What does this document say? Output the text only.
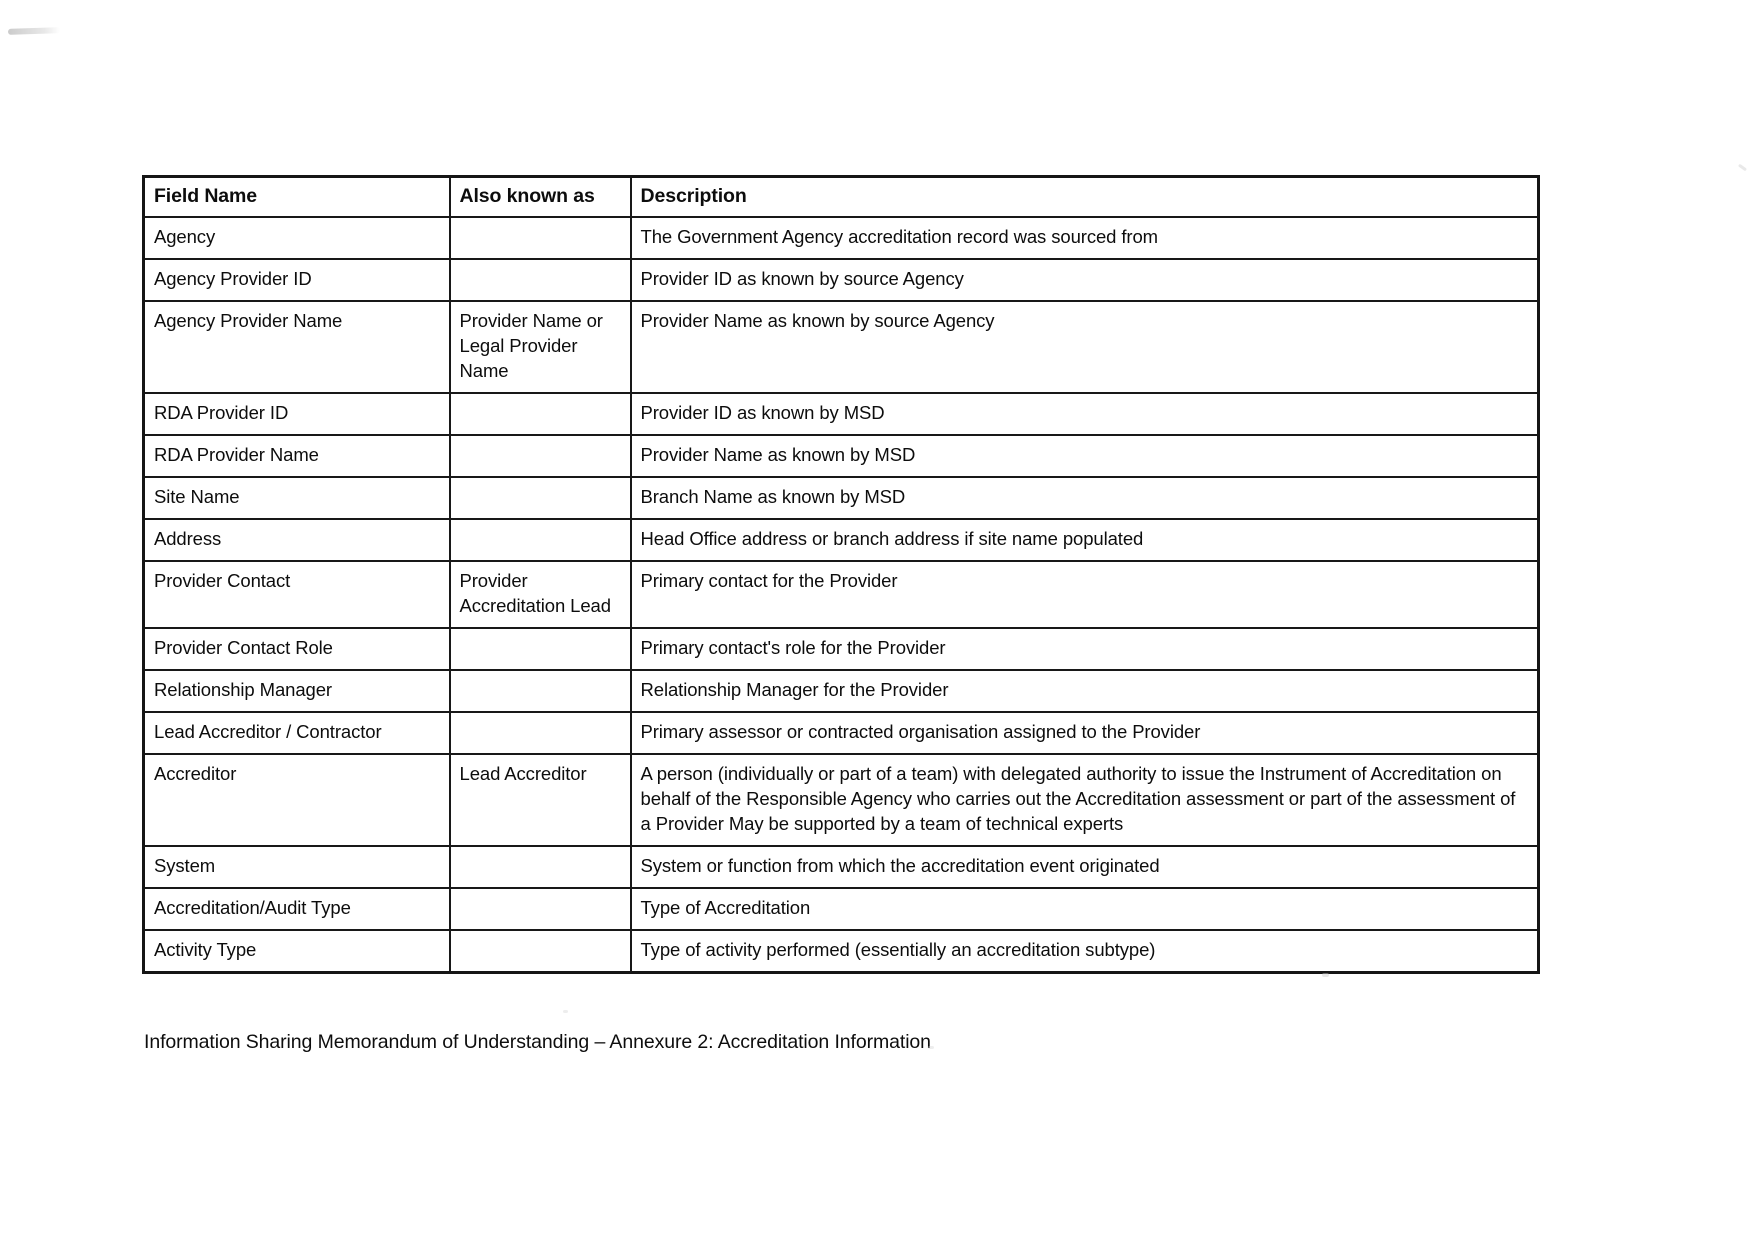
Field Name	Also known as	Description
Agency		The Government Agency accreditation record was sourced from
Agency Provider ID		Provider ID as known by source Agency
Agency Provider Name	Provider Name or Legal Provider Name	Provider Name as known by source Agency
RDA Provider ID		Provider ID as known by MSD
RDA Provider Name		Provider Name as known by MSD
Site Name		Branch Name as known by MSD
Address		Head Office address or branch address if site name populated
Provider Contact	Provider Accreditation Lead	Primary contact for the Provider
Provider Contact Role		Primary contact's role for the Provider
Relationship Manager		Relationship Manager for the Provider
Lead Accreditor / Contractor		Primary assessor or contracted organisation assigned to the Provider
Accreditor	Lead Accreditor	A person (individually or part of a team) with delegated authority to issue the Instrument of Accreditation on behalf of the Responsible Agency who carries out the Accreditation assessment or part of the assessment of a Provider May be supported by a team of technical experts
System		System or function from which the accreditation event originated
Accreditation/Audit Type		Type of Accreditation
Activity Type		Type of activity performed (essentially an accreditation subtype)
Information Sharing Memorandum of Understanding – Annexure 2: Accreditation Information
